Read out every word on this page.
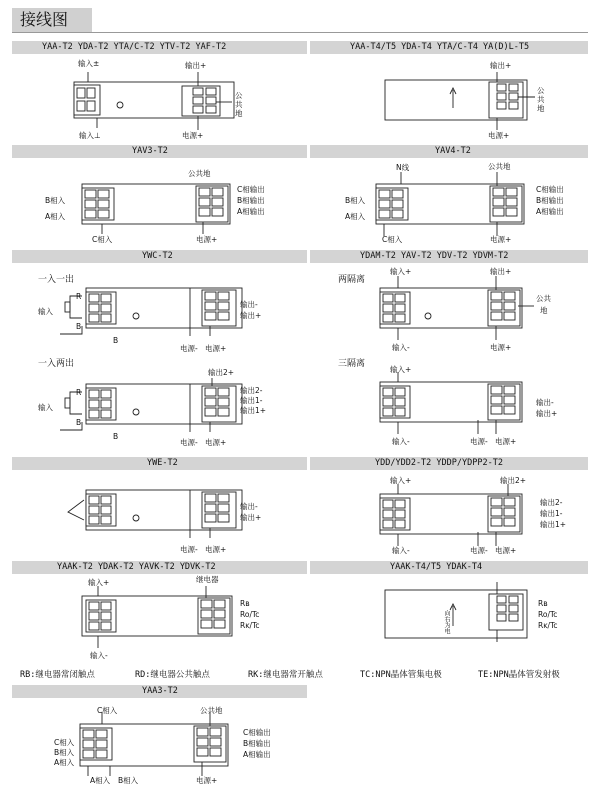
接线图
YAA-T2 YDA-T2 YTA/C-T2 YTV-T2 YAF-T2	YAA-T4/T5 YDA-T4 YTA/C-T4 YA(D)L-T5
YAV3-T2	YAV4-T2
YWC-T2	YDAM-T2 YAV-T2 YDV-T2 YDVM-T2
YWE-T2	YDD/YDD2-T2 YDDP/YDPP2-T2
YAAK-T2 YDAK-T2 YAVK-T2 YDVK-T2	YAAK-T4/T5 YDAK-T4
YAA3-T2
输入±	输出+
公共地
输入⊥	电源+
输出+
公共地
电源+
公共地
B相入
A相入
C相入
C相输出
B相输出
A相输出
电源+
N线	公共地
B相入
A相入
C相入
C相输出
B相输出
A相输出
电源+
一入一出
R
输入
B
B
输出-
输出+
电源- 电源+
一入两出
输出2+
R
输入
B
B
输出2-
输出1-
输出1+
电源- 电源+
两隔离
输入+	输出+
公共
地
输入-	电源+
三隔离
输入+
输出-
输出+
输入-	电源- 电源+
输出-
输出+
电源- 电源+
输入+	输出2+
输出2-
输出1-
输出1+
输入-	电源- 电源+
输入+	继电器
Rʙ
Ro/Tc
Rĸ/Tc
输入-
向右为电
Rʙ
Ro/Tc
Rĸ/Tc
RB:继电器常闭触点	RD:继电器公共触点	RK:继电器常开触点	TC:NPN晶体管集电极	TE:NPN晶体管发射极
C相入	公共地
C相输出
B相输出
A相输出
C相入
B相入
A相入
A相入 B相入	电源+
